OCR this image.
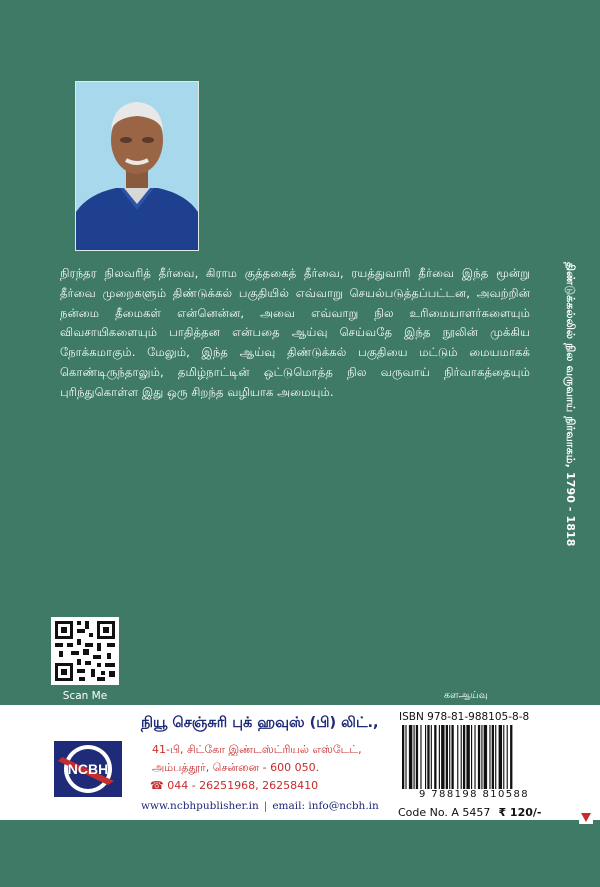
நிரந்தர நிலவரித் தீர்வை, கிராம குத்தகைத் தீர்வை, ரயத்துவாரி தீர்வை இந்த மூன்று தீர்வை முறைகளும் திண்டுக்கல் பகுதியில் எவ்வாறு செயல்படுத்தப்பட்டன, அவற்றின் நன்மை தீமைகள் என்னென்ன, அவை எவ்வாறு நில உரிமையாளர்களையும் விவசாயிகளையும் பாதித்தன என்பதை ஆய்வு செய்வதே இந்த நூலின் முக்கிய நோக்கமாகும். மேலும், இந்த ஆய்வு திண்டுக்கல் பகுதியை மட்டும் மையமாகக் கொண்டிருந்தாலும், தமிழ்நாட்டின் ஒட்டுமொத்த நில வருவாய் நிர்வாகத்தையும் புரிந்துகொள்ள இது ஒரு சிறந்த வழியாக அமையும்.	திண்டுக்கல்லில் நில வருவாய் நிர்வாகம், 1790 - 1818
Scan Me	களஆய்வு
NCBH
நியூ செஞ்சுரி புக் ஹவுஸ் (பி) லிட்.,
41-பி, சிட்கோ இண்டஸ்ட்ரியல் எஸ்டேட்,
அம்பத்தூர், சென்னை - 600 050.
☎ 044 - 26251968, 26258410
www.ncbhpublisher.in | email: info@ncbh.in
ISBN 978-81-988105-8-8
9 788198 810588
Code No. A 5457 ₹ 120/-
